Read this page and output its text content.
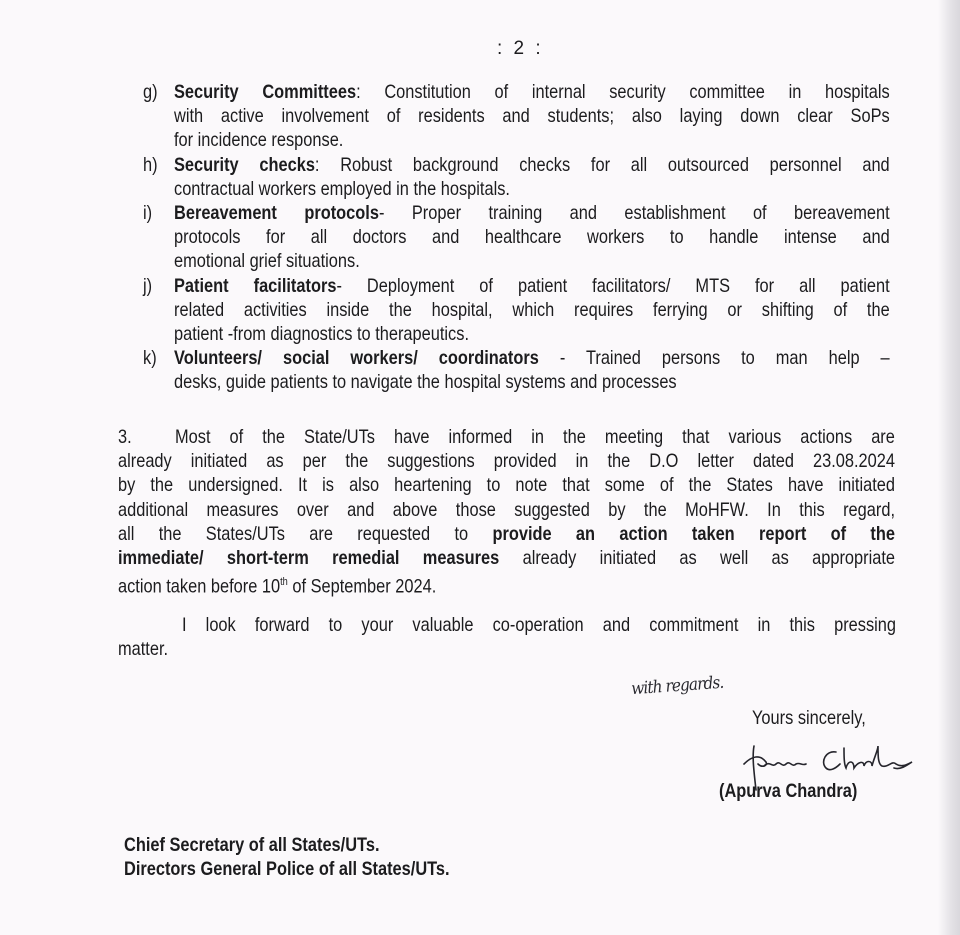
: 2 :
g) Security Committees: Constitution of internal security committee in hospitals
with active involvement of residents and students; also laying down clear SoPs
for incidence response.
h) Security checks: Robust background checks for all outsourced personnel and
contractual workers employed in the hospitals.
i) Bereavement protocols- Proper training and establishment of bereavement
protocols for all doctors and healthcare workers to handle intense and
emotional grief situations.
j) Patient facilitators- Deployment of patient facilitators/ MTS for all patient
related activities inside the hospital, which requires ferrying or shifting of the
patient -from diagnostics to therapeutics.
k) Volunteers/ social workers/ coordinators - Trained persons to man help –
desks, guide patients to navigate the hospital systems and processes
3.	Most of the State/UTs have informed in the meeting that various actions are
already initiated as per the suggestions provided in the D.O letter dated 23.08.2024
by the undersigned. It is also heartening to note that some of the States have initiated
additional measures over and above those suggested by the MoHFW. In this regard,
all the States/UTs are requested to provide an action taken report of the
immediate/ short-term remedial measures already initiated as well as appropriate
action taken before 10th of September 2024.
I look forward to your valuable co-operation and commitment in this pressing
matter.
with regards.
Yours sincerely,
(Apurva Chandra)
Chief Secretary of all States/UTs.
Directors General Police of all States/UTs.
